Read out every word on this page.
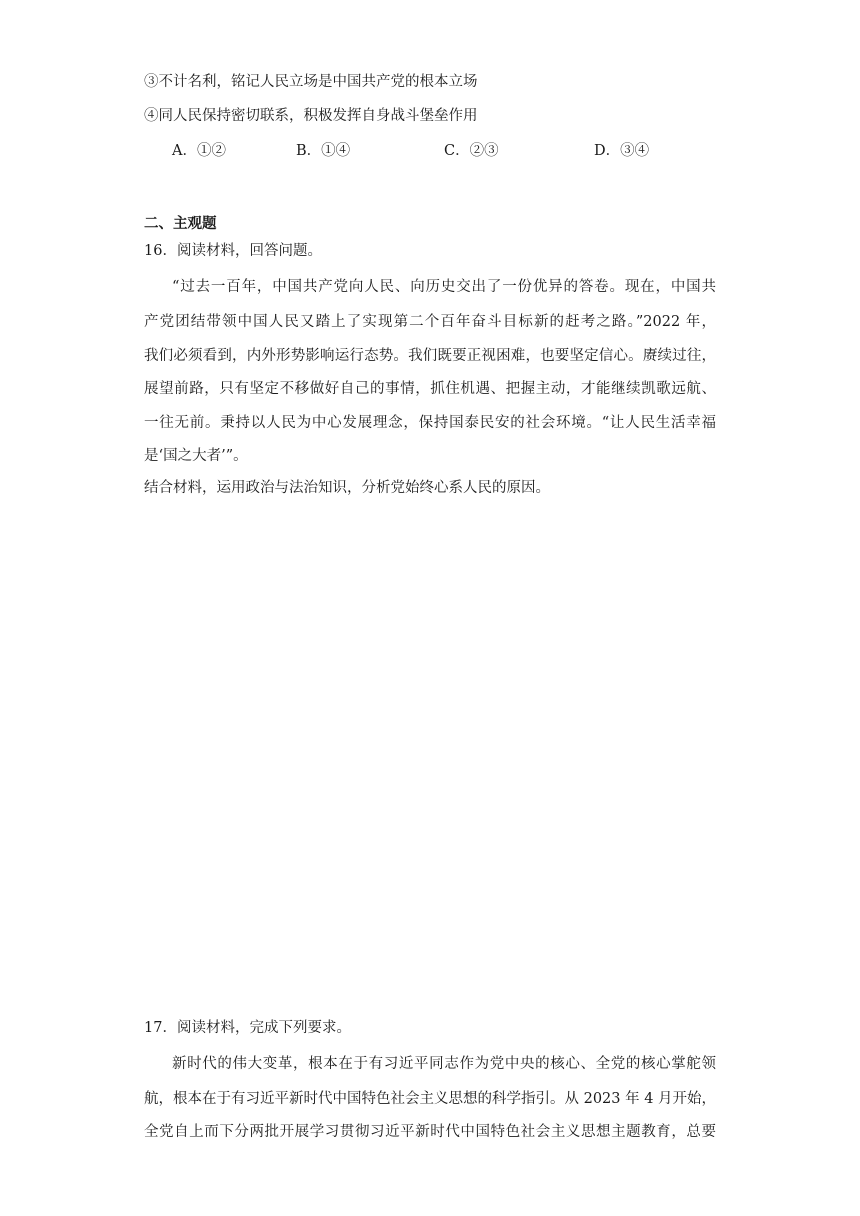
③不计名利，铭记人民立场是中国共产党的根本立场
④同人民保持密切联系，积极发挥自身战斗堡垒作用
A．①②	B．①④	C．②③	D．③④
二、主观题
16．阅读材料，回答问题。
“过去一百年，中国共产党向人民、向历史交出了一份优异的答卷。现在，中国共
产党团结带领中国人民又踏上了实现第二个百年奋斗目标新的赶考之路。”2022 年，
我们必须看到，内外形势影响运行态势。我们既要正视困难，也要坚定信心。赓续过往，
展望前路，只有坚定不移做好自己的事情，抓住机遇、把握主动，才能继续凯歌远航、
一往无前。秉持以人民为中心发展理念，保持国泰民安的社会环境。“让人民生活幸福
是‘国之大者’”。
结合材料，运用政治与法治知识，分析党始终心系人民的原因。
17．阅读材料，完成下列要求。
新时代的伟大变革，根本在于有习近平同志作为党中央的核心、全党的核心掌舵领
航，根本在于有习近平新时代中国特色社会主义思想的科学指引。从 2023 年 4 月开始，
全党自上而下分两批开展学习贯彻习近平新时代中国特色社会主义思想主题教育，总要
